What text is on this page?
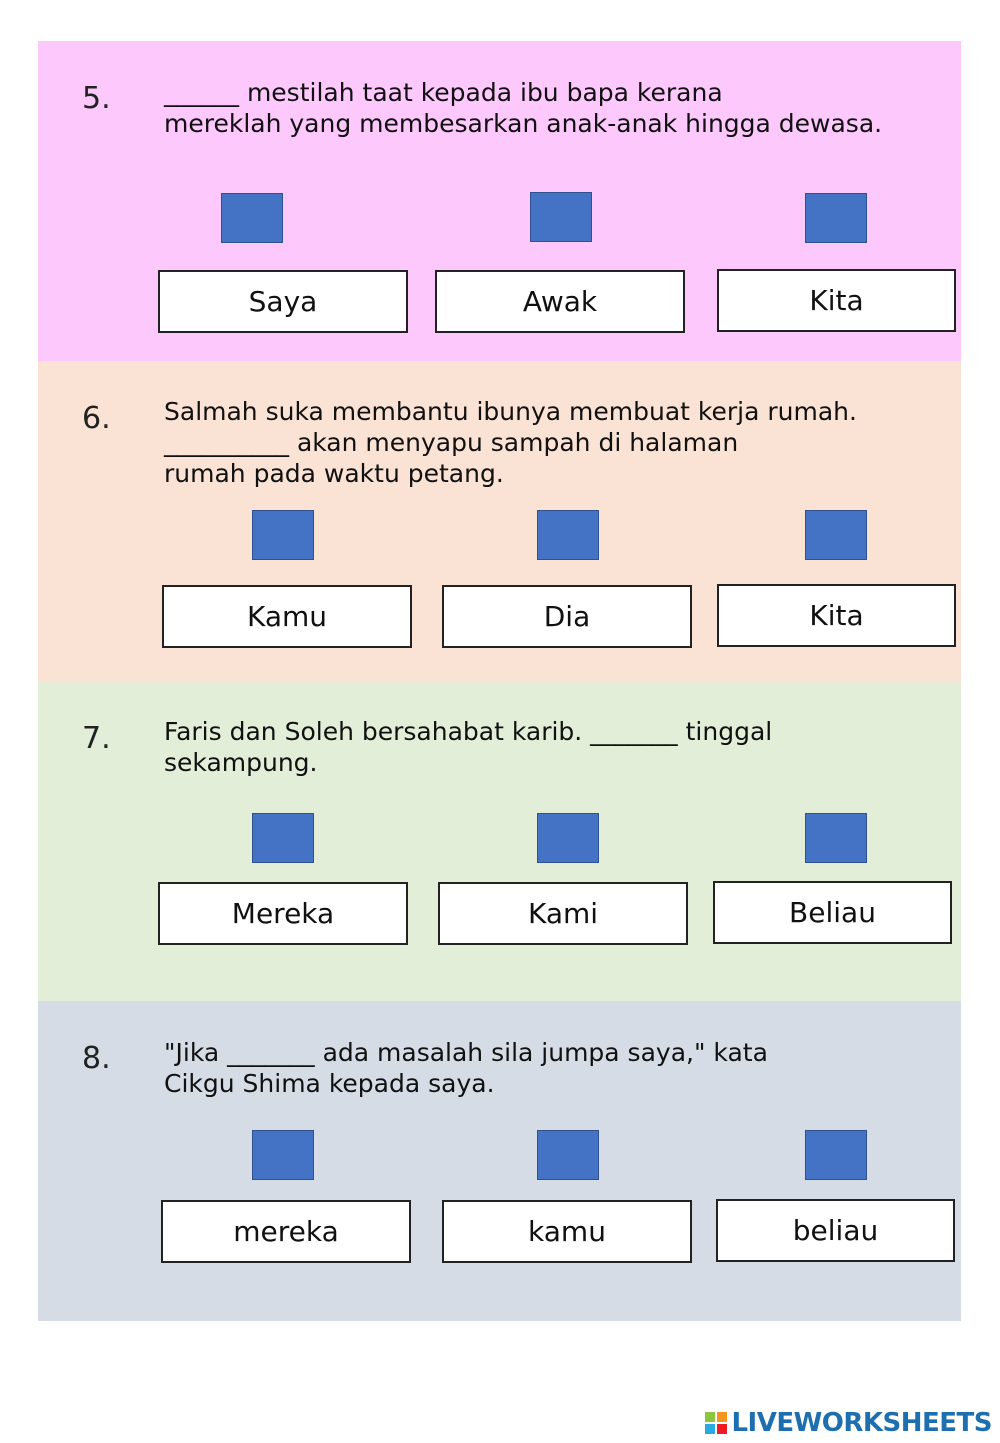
5. ______ mestilah taat kepada ibu bapa kerana
mereklah yang membesarkan anak-anak hingga dewasa.
Saya	Awak	Kita
6. Salmah suka membantu ibunya membuat kerja rumah.
__________ akan menyapu sampah di halaman
rumah pada waktu petang.
Kamu	Dia	Kita
7. Faris dan Soleh bersahabat karib. _______ tinggal
sekampung.
Mereka	Kami	Beliau
8. "Jika _______ ada masalah sila jumpa saya," kata
Cikgu Shima kepada saya.
mereka	kamu	beliau
LIVEWORKSHEETS
